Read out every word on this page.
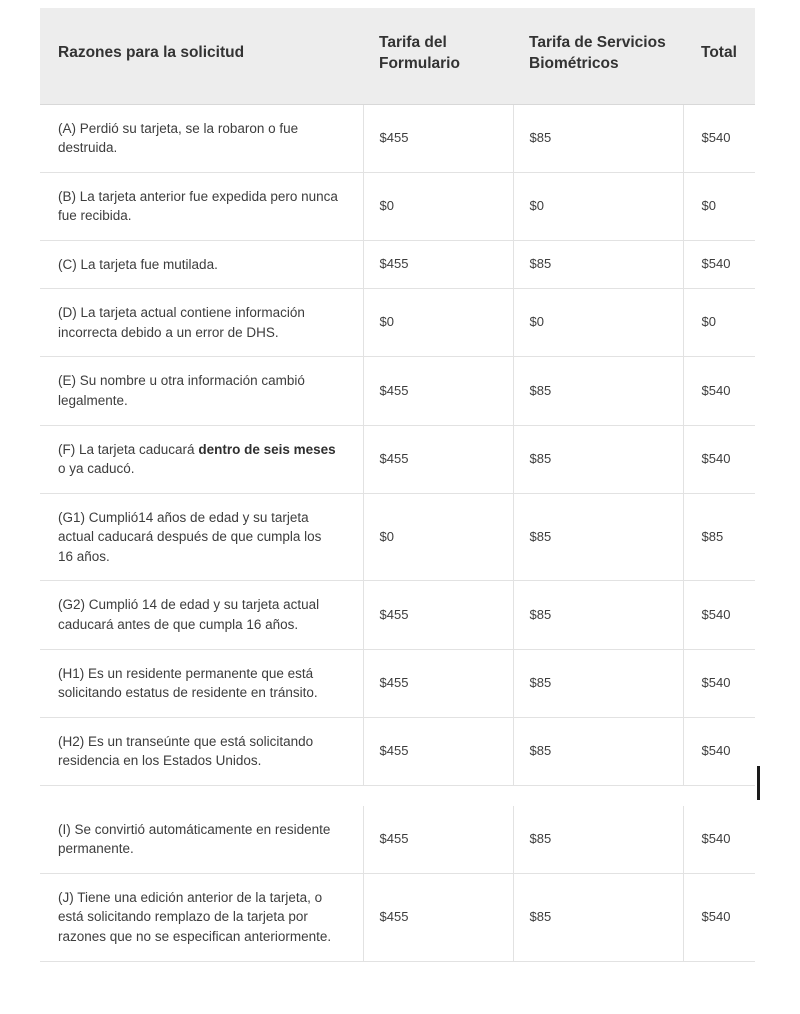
Razones para la solicitud	Tarifa del Formulario	Tarifa de Servicios Biométricos	Total
(A) Perdió su tarjeta, se la robaron o fue destruida.	$455	$85	$540
(B) La tarjeta anterior fue expedida pero nunca fue recibida.	$0	$0	$0
(C) La tarjeta fue mutilada.	$455	$85	$540
(D) La tarjeta actual contiene información incorrecta debido a un error de DHS.	$0	$0	$0
(E) Su nombre u otra información cambió legalmente.	$455	$85	$540
(F) La tarjeta caducará dentro de seis meses o ya caducó.	$455	$85	$540
(G1) Cumplió14 años de edad y su tarjeta actual caducará después de que cumpla los 16 años.	$0	$85	$85
(G2) Cumplió 14 de edad y su tarjeta actual caducará antes de que cumpla 16 años.	$455	$85	$540
(H1) Es un residente permanente que está solicitando estatus de residente en tránsito.	$455	$85	$540
(H2) Es un transeúnte que está solicitando residencia en los Estados Unidos.	$455	$85	$540

(I) Se convirtió automáticamente en residente permanente.	$455	$85	$540
(J) Tiene una edición anterior de la tarjeta, o está solicitando remplazo de la tarjeta por razones que no se especifican anteriormente.	$455	$85	$540
